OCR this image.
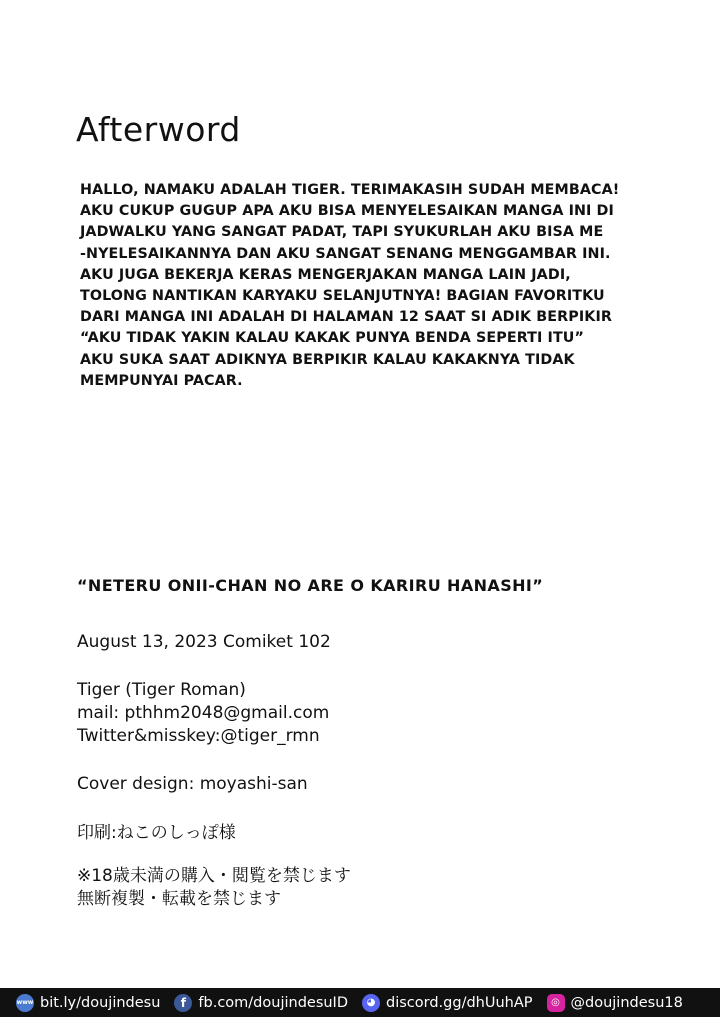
Afterword
HALLO, NAMAKU ADALAH TIGER. TERIMAKASIH SUDAH MEMBACA!
AKU CUKUP GUGUP APA AKU BISA MENYELESAIKAN MANGA INI DI
JADWALKU YANG SANGAT PADAT, TAPI SYUKURLAH AKU BISA ME
-NYELESAIKANNYA DAN AKU SANGAT SENANG MENGGAMBAR INI.
AKU JUGA BEKERJA KERAS MENGERJAKAN MANGA LAIN JADI,
TOLONG NANTIKAN KARYAKU SELANJUTNYA! BAGIAN FAVORITKU
DARI MANGA INI ADALAH DI HALAMAN 12 SAAT SI ADIK BERPIKIR
“AKU TIDAK YAKIN KALAU KAKAK PUNYA BENDA SEPERTI ITU”
AKU SUKA SAAT ADIKNYA BERPIKIR KALAU KAKAKNYA TIDAK
MEMPUNYAI PACAR.
“NETERU ONII-CHAN NO ARE O KARIRU HANASHI”
August 13, 2023 Comiket 102
Tiger (Tiger Roman)
mail: pthhm2048@gmail.com
Twitter&misskey:@tiger_rmn
Cover design: moyashi-san
印刷:ねこのしっぽ様
※18歳未満の購入・閲覧を禁じます
無断複製・転載を禁じます
www bit.ly/doujindesu	f fb.com/doujindesuID	◕ discord.gg/dhUuhAP	◎ @doujindesu18
